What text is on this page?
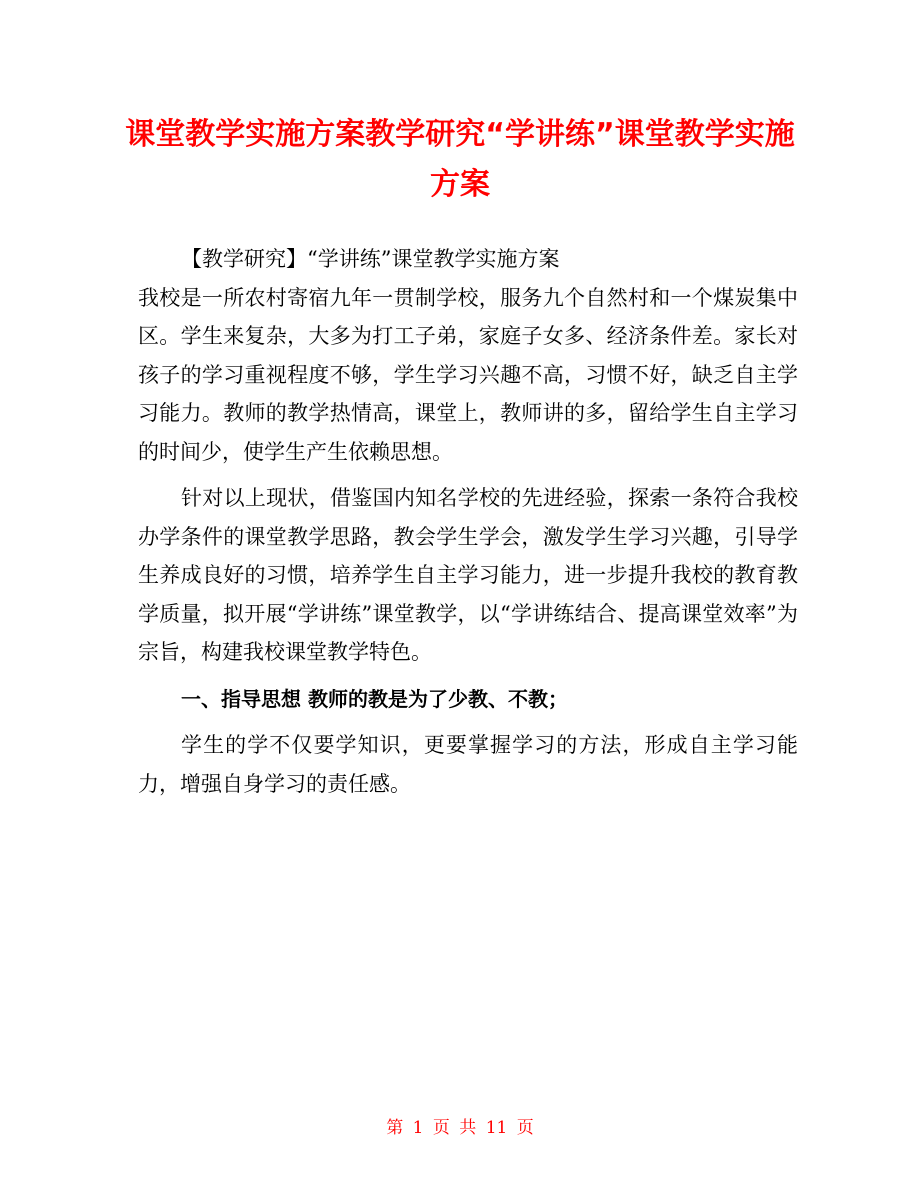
课堂教学实施方案教学研究“学讲练”课堂教学实施方案

【教学研究】“学讲练”课堂教学实施方案

我校是一所农村寄宿九年一贯制学校，服务九个自然村和一个煤炭集中区。学生来复杂，大多为打工子弟，家庭子女多、经济条件差。家长对孩子的学习重视程度不够，学生学习兴趣不高，习惯不好，缺乏自主学习能力。教师的教学热情高，课堂上，教师讲的多，留给学生自主学习的时间少，使学生产生依赖思想。

针对以上现状，借鉴国内知名学校的先进经验，探索一条符合我校办学条件的课堂教学思路，教会学生学会，激发学生学习兴趣，引导学生养成良好的习惯，培养学生自主学习能力，进一步提升我校的教育教学质量，拟开展“学讲练”课堂教学，以“学讲练结合、提高课堂效率”为宗旨，构建我校课堂教学特色。

一、指导思想 教师的教是为了少教、不教；

学生的学不仅要学知识，更要掌握学习的方法，形成自主学习能力，增强自身学习的责任感。

第 1 页 共 11 页
